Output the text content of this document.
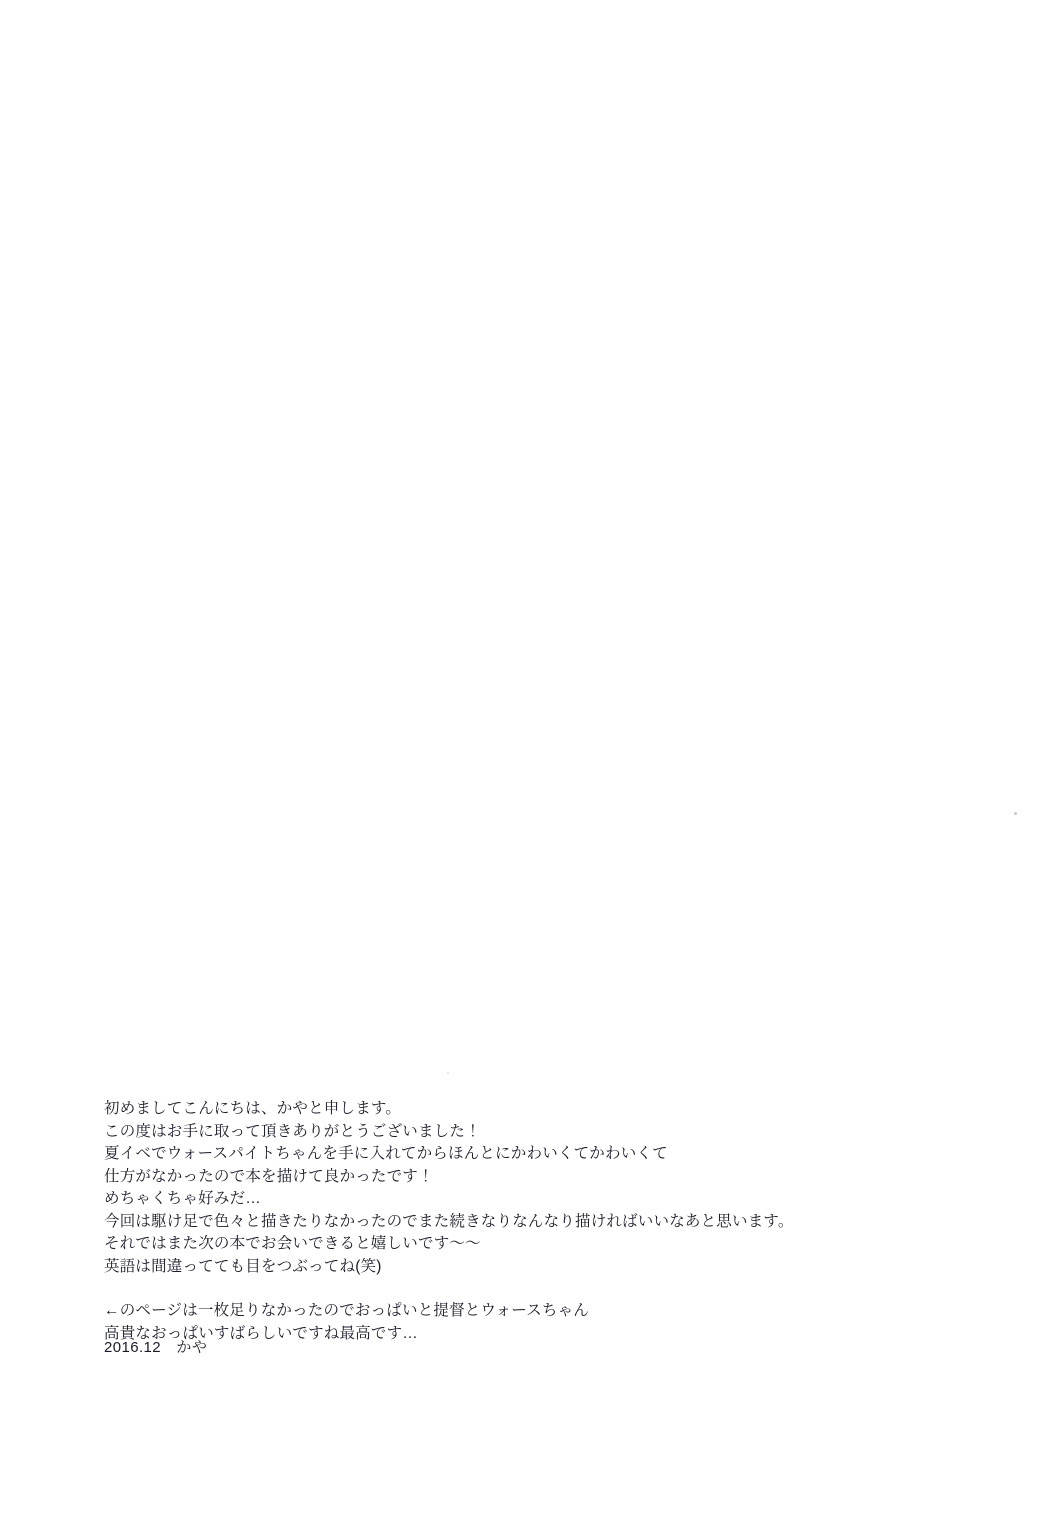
初めましてこんにちは、かやと申します。

この度はお手に取って頂きありがとうございました！

夏イベでウォースパイトちゃんを手に入れてからほんとにかわいくてかわいくて

仕方がなかったので本を描けて良かったです！

めちゃくちゃ好みだ…

今回は駆け足で色々と描きたりなかったのでまた続きなりなんなり描ければいいなあと思います。

それではまた次の本でお会いできると嬉しいです〜〜

英語は間違ってても目をつぶってね(笑)

←のページは一枚足りなかったのでおっぱいと提督とウォースちゃん

高貴なおっぱいすばらしいですね最高です…

2016.12　かや
